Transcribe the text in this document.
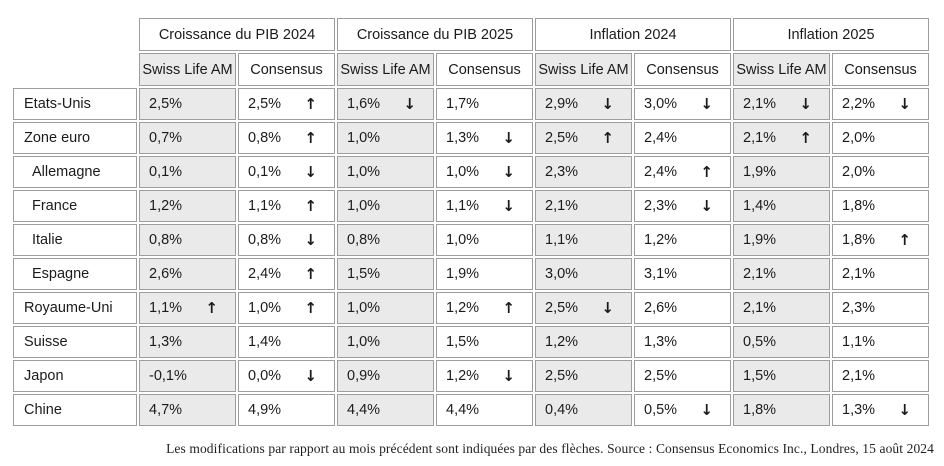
	Croissance du PIB 2024		Croissance du PIB 2025		Inflation 2024		Inflation 2025	
	Swiss Life AM	Consensus	Swiss Life AM	Consensus	Swiss Life AM	Consensus	Swiss Life AM	Consensus
Etats-Unis	2,5%	2,5% ↑	1,6% ↓	1,7%	2,9% ↓	3,0% ↓	2,1% ↓	2,2% ↓

Zone euro	0,7%	0,8% ↑	1,0%	1,3% ↓	2,5% ↑	2,4%	2,1% ↑	2,0%

Allemagne	0,1%	0,1% ↓	1,0%	1,0% ↓	2,3%	2,4% ↑	1,9%	2,0%

France	1,2%	1,1% ↑	1,0%	1,1% ↓	2,1%	2,3% ↓	1,4%	1,8%

Italie	0,8%	0,8% ↓	0,8%	1,0%	1,1%	1,2%	1,9%	1,8% ↑

Espagne	2,6%	2,4% ↑	1,5%	1,9%	3,0%	3,1%	2,1%	2,1%

Royaume-Uni	1,1% ↑	1,0% ↑	1,0%	1,2% ↑	2,5% ↓	2,6%	2,1%	2,3%

Suisse	1,3%	1,4%	1,0%	1,5%	1,2%	1,3%	0,5%	1,1%

Japon	-0,1%	0,0% ↓	0,9%	1,2% ↓	2,5%	2,5%	1,5%	2,1%

Chine	4,7%	4,9%	4,4%	4,4%	0,4%	0,5% ↓	1,8%	1,3% ↓
Les modifications par rapport au mois précédent sont indiquées par des flèches. Source : Consensus Economics Inc., Londres, 15 août 2024
